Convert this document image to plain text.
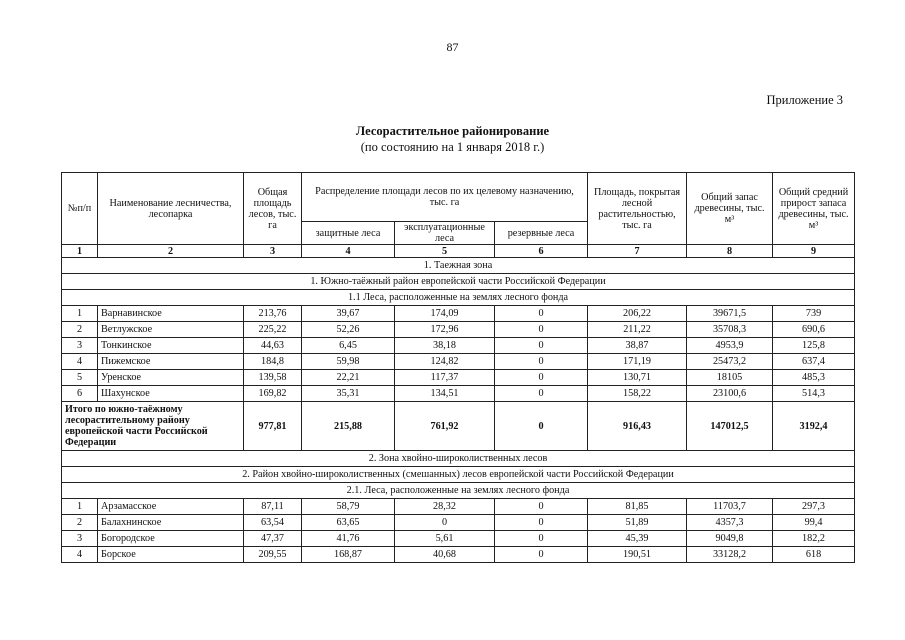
87
Приложение 3
Лесорастительное районирование
(по состоянию на 1 января 2018 г.)
№п/п	Наименование лесничества, лесопарка	Общая площадь лесов, тыс. га	Распределение площади лесов по их целевому назначению, тыс. га			Площадь, покрытая лесной растительностью, тыс. га	Общий запас древесины, тыс. м³	Общий средний прирост запаса древесины, тыс. м³
			защитные леса	эксплуатационные леса	резервные леса			
1	2	3	4	5	6	7	8	9
1. Таежная зона								
1. Южно-таёжный район европейской части Российской Федерации								
1.1 Леса, расположенные на землях лесного фонда								
1	Варнавинское	213,76	39,67	174,09	0	206,22	39671,5	739
2	Ветлужское	225,22	52,26	172,96	0	211,22	35708,3	690,6
3	Тонкинское	44,63	6,45	38,18	0	38,87	4953,9	125,8
4	Пижемское	184,8	59,98	124,82	0	171,19	25473,2	637,4
5	Уренское	139,58	22,21	117,37	0	130,71	18105	485,3
6	Шахунское	169,82	35,31	134,51	0	158,22	23100,6	514,3
Итого по южно-таёжному лесорастительному району европейской части Российской Федерации		977,81	215,88	761,92	0	916,43	147012,5	3192,4
2. Зона хвойно-широколиственных лесов								
2. Район хвойно-широколиственных (смешанных) лесов европейской части Российской Федерации								
2.1. Леса, расположенные на землях лесного фонда								
1	Арзамасское	87,11	58,79	28,32	0	81,85	11703,7	297,3
2	Балахнинское	63,54	63,65	0	0	51,89	4357,3	99,4
3	Богородское	47,37	41,76	5,61	0	45,39	9049,8	182,2
4	Борское	209,55	168,87	40,68	0	190,51	33128,2	618
